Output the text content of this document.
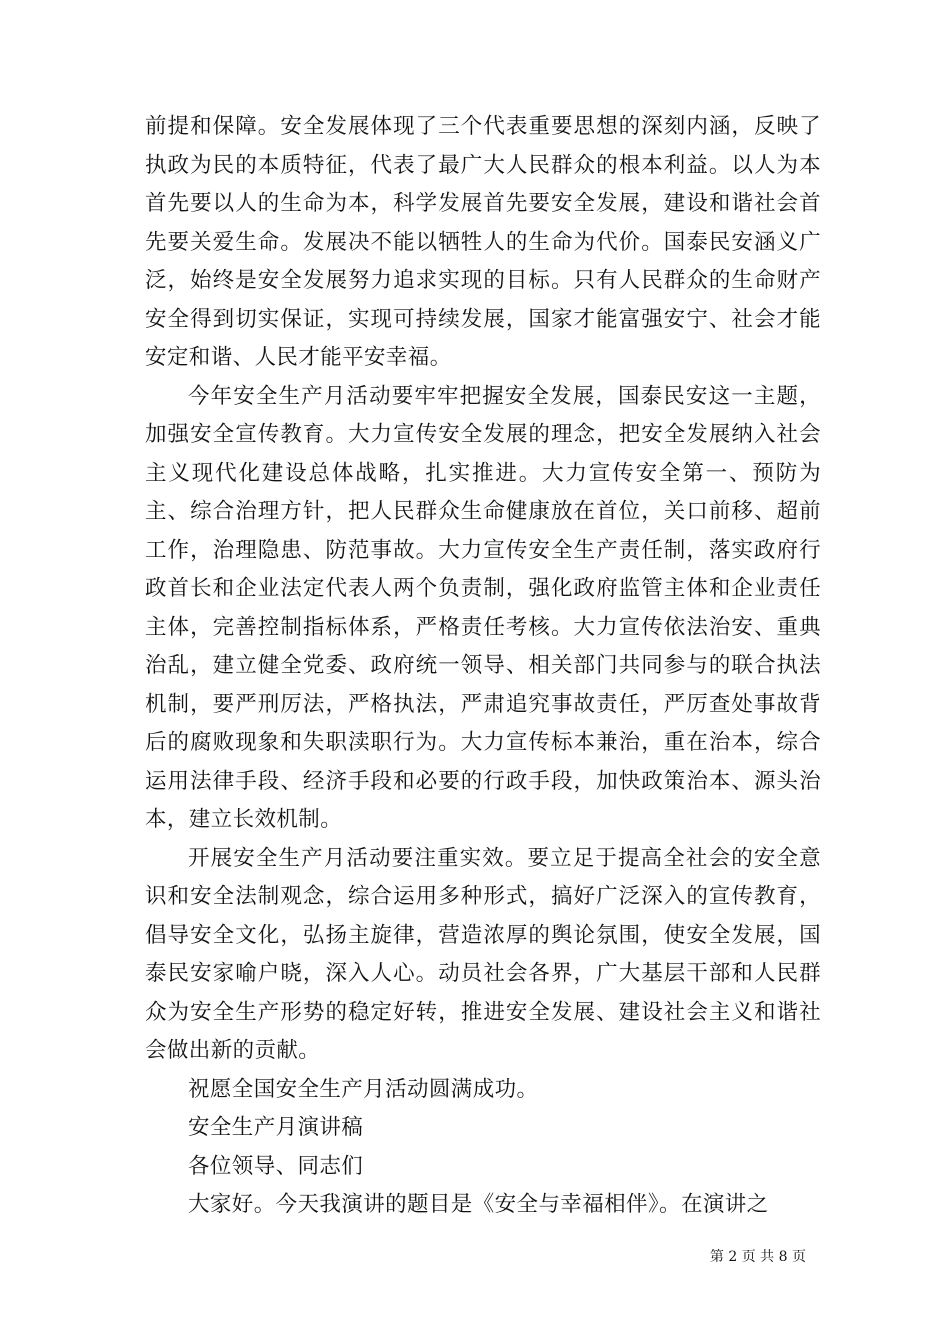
前提和保障。安全发展体现了三个代表重要思想的深刻内涵，反映了执政为民的本质特征，代表了最广大人民群众的根本利益。以人为本首先要以人的生命为本，科学发展首先要安全发展，建设和谐社会首先要关爱生命。发展决不能以牺牲人的生命为代价。国泰民安涵义广泛，始终是安全发展努力追求实现的目标。只有人民群众的生命财产安全得到切实保证，实现可持续发展，国家才能富强安宁、社会才能安定和谐、人民才能平安幸福。

今年安全生产月活动要牢牢把握安全发展，国泰民安这一主题，加强安全宣传教育。大力宣传安全发展的理念，把安全发展纳入社会主义现代化建设总体战略，扎实推进。大力宣传安全第一、预防为主、综合治理方针，把人民群众生命健康放在首位，关口前移、超前工作，治理隐患、防范事故。大力宣传安全生产责任制，落实政府行政首长和企业法定代表人两个负责制，强化政府监管主体和企业责任主体，完善控制指标体系，严格责任考核。大力宣传依法治安、重典治乱，建立健全党委、政府统一领导、相关部门共同参与的联合执法机制，要严刑厉法，严格执法，严肃追究事故责任，严厉查处事故背后的腐败现象和失职渎职行为。大力宣传标本兼治，重在治本，综合运用法律手段、经济手段和必要的行政手段，加快政策治本、源头治本，建立长效机制。

开展安全生产月活动要注重实效。要立足于提高全社会的安全意识和安全法制观念，综合运用多种形式，搞好广泛深入的宣传教育，倡导安全文化，弘扬主旋律，营造浓厚的舆论氛围，使安全发展，国泰民安家喻户晓，深入人心。动员社会各界，广大基层干部和人民群众为安全生产形势的稳定好转，推进安全发展、建设社会主义和谐社会做出新的贡献。

祝愿全国安全生产月活动圆满成功。

安全生产月演讲稿

各位领导、同志们

大家好。今天我演讲的题目是《安全与幸福相伴》。在演讲之

第 2 页 共 8 页
